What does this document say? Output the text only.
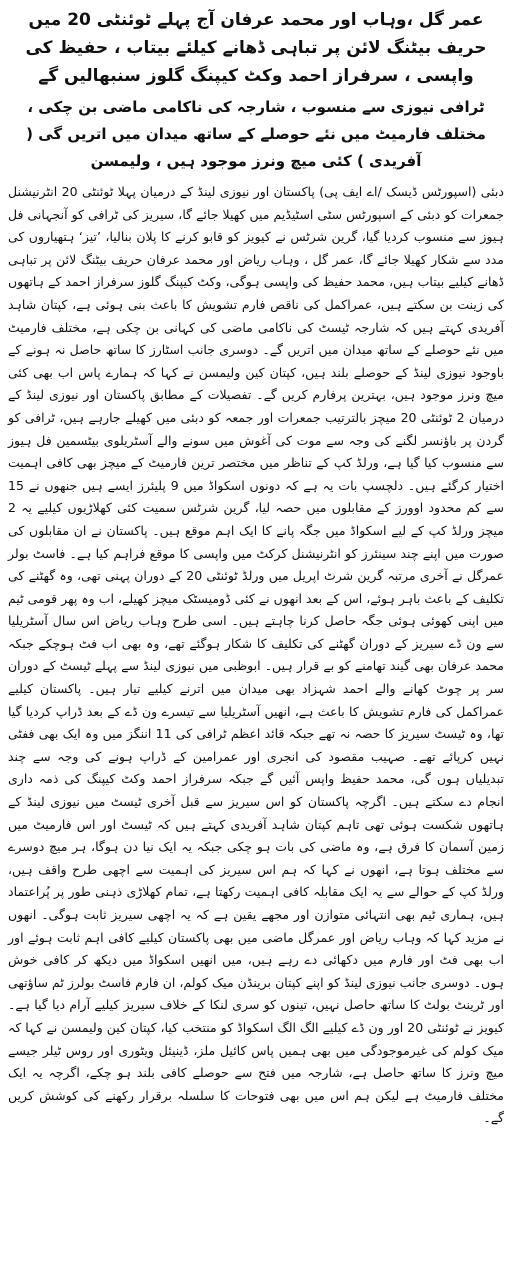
عمر گل ،وہاب اور محمد عرفان آج پہلے ٹوئنٹی 20 میں حریف بیٹنگ لائن پر تباہی ڈھانے کیلئے بیتاب ، حفیظ کی واپسی ، سرفراز احمد وکٹ کیپنگ گلوز سنبھالیں گے
ٹرافی نیوزی سے منسوب ، شارجہ کی ناکامی ماضی بن چکی ، مختلف فارمیٹ میں نئے حوصلے کے ساتھ میدان میں اتریں گی ( آفریدی ) کئی میچ ونرز موجود ہیں ، ولیمسن

دبئی (اسپورٹس ڈیسک /اے ایف پی) پاکستان اور نیوزی لینڈ کے درمیان پہلا ٹوئنٹی 20 انٹرنیشنل جمعرات کو دبئی کے اسپورٹس سٹی اسٹیڈیم میں کھیلا جائے گا، سیریز کی ٹرافی کو آنجہانی فل ہیوز سے منسوب کردیا گیا، گرین شرٹس نے کیویز کو قابو کرنے کا پلان بنالیا، ’تیز‘ ہتھیاروں کی مدد سے شکار کھیلا جائے گا، عمر گل ، وہاب ریاض اور محمد عرفان حریف بیٹنگ لائن پر تباہی ڈھانے کیلیے بیتاب ہیں، محمد حفیظ کی واپسی ہوگی، وکٹ کیپنگ گلوز سرفراز احمد کے ہاتھوں کی زینت بن سکتے ہیں، عمراکمل کی ناقص فارم تشویش کا باعث بنی ہوئی ہے، کپتان شاہد آفریدی کہتے ہیں کہ شارجہ ٹیسٹ کی ناکامی ماضی کی کہانی بن چکی ہے، مختلف فارمیٹ میں نئے حوصلے کے ساتھ میدان میں اتریں گے۔ دوسری جانب اسٹارز کا ساتھ حاصل نہ ہونے کے باوجود نیوزی لینڈ کے حوصلے بلند ہیں، کپتان کین ولیمسن نے کہا کہ ہمارے پاس اب بھی کئی میچ ونرز موجود ہیں، بہترین پرفارم کریں گے۔ تفصیلات کے مطابق پاکستان اور نیوزی لینڈ کے درمیان 2 ٹوئنٹی 20 میچز بالترتیب جمعرات اور جمعہ کو دبئی میں کھیلے جارہے ہیں، ٹرافی کو گردن پر باؤنسر لگنے کی وجہ سے موت کی آغوش میں سونے والے آسٹریلوی بیٹسمین فل ہیوز سے منسوب کیا گیا ہے، ورلڈ کپ کے تناظر میں مختصر ترین فارمیٹ کے میچز بھی کافی اہمیت اختیار کرگئے ہیں۔ دلچسپ بات یہ ہے کہ دونوں اسکواڈ میں 9 پلیئرز ایسے ہیں جنھوں نے 15 سے کم محدود اوورز کے مقابلوں میں حصہ لیا، گرین شرٹس سمیت کئی کھلاڑیوں کیلیے یہ 2 میچز ورلڈ کپ کے لیے اسکواڈ میں جگہ پانے کا ایک اہم موقع ہیں۔ پاکستان نے ان مقابلوں کی صورت میں اپنے چند سینئرز کو انٹرنیشنل کرکٹ میں واپسی کا موقع فراہم کیا ہے۔ فاسٹ بولر عمرگل نے آخری مرتبہ گرین شرٹ اپریل میں ورلڈ ٹوئنٹی 20 کے دوران پہنی تھی، وہ گھٹنے کی تکلیف کے باعث باہر ہوئے، اس کے بعد انھوں نے کئی ڈومیسٹک میچز کھیلے، اب وہ پھر قومی ٹیم میں اپنی کھوئی ہوئی جگہ حاصل کرنا چاہتے ہیں۔ اسی طرح وہاب ریاض اس سال آسٹریلیا سے ون ڈے سیریز کے دوران گھٹنے کی تکلیف کا شکار ہوگئے تھے، وہ بھی اب فٹ ہوچکے جبکہ محمد عرفان بھی گیند تھامنے کو بے قرار ہیں۔ ابوظبی میں نیوزی لینڈ سے پہلے ٹیسٹ کے دوران سر پر چوٹ کھانے والے احمد شہزاد بھی میدان میں اترنے کیلیے تیار ہیں۔ پاکستان کیلیے عمراکمل کی فارم تشویش کا باعث ہے، انھیں آسٹریلیا سے تیسرے ون ڈے کے بعد ڈراپ کردیا گیا تھا، وہ ٹیسٹ سیریز کا حصہ نہ تھے جبکہ قائد اعظم ٹرافی کی 11 اننگز میں وہ ایک بھی ففٹی نہیں کرپائے تھے۔ صہیب مقصود کی انجری اور عمرامین کے ڈراپ ہونے کی وجہ سے چند تبدیلیاں ہوں گی، محمد حفیظ واپس آئیں گے جبکہ سرفراز احمد وکٹ کیپنگ کی ذمہ داری انجام دے سکتے ہیں۔ اگرچہ پاکستان کو اس سیریز سے قبل آخری ٹیسٹ میں نیوزی لینڈ کے ہاتھوں شکست ہوئی تھی تاہم کپتان شاہد آفریدی کہتے ہیں کہ ٹیسٹ اور اس فارمیٹ میں زمین آسمان کا فرق ہے، وہ ماضی کی بات ہو چکی جبکہ یہ ایک نیا دن ہوگا، ہر میچ دوسرے سے مختلف ہوتا ہے، انھوں نے کہا کہ ہم اس سیریز کی اہمیت سے اچھی طرح واقف ہیں، ورلڈ کپ کے حوالے سے یہ ایک مقابلہ کافی اہمیت رکھتا ہے، تمام کھلاڑی ذہنی طور پر پُراعتماد ہیں، ہماری ٹیم بھی انتہائی متوازن اور مجھے یقین ہے کہ یہ اچھی سیریز ثابت ہوگی۔ انھوں نے مزید کہا کہ وہاب ریاض اور عمرگل ماضی میں بھی پاکستان کیلیے کافی اہم ثابت ہوئے اور اب بھی فٹ اور فارم میں دکھائی دے رہے ہیں، میں انھیں اسکواڈ میں دیکھ کر کافی خوش ہوں۔ دوسری جانب نیوزی لینڈ کو اپنے کپتان برینڈن میک کولم، ان فارم فاسٹ بولرز ٹم ساؤتھی اور ٹرینٹ بولٹ کا ساتھ حاصل نہیں، تینوں کو سری لنکا کے خلاف سیریز کیلیے آرام دیا گیا ہے۔ کیویز نے ٹوئنٹی 20 اور ون ڈے کیلیے الگ الگ اسکواڈ کو منتخب کیا، کپتان کین ولیمسن نے کہا کہ میک کولم کی غیرموجودگی میں بھی ہمیں پاس کائیل ملز، ڈینیئل ویٹوری اور روس ٹیلر جیسے میچ ونرز کا ساتھ حاصل ہے، شارجہ میں فتح سے حوصلے کافی بلند ہو چکے، اگرچہ یہ ایک مختلف فارمیٹ ہے لیکن ہم اس میں بھی فتوحات کا سلسلہ برقرار رکھنے کی کوشش کریں گے۔
